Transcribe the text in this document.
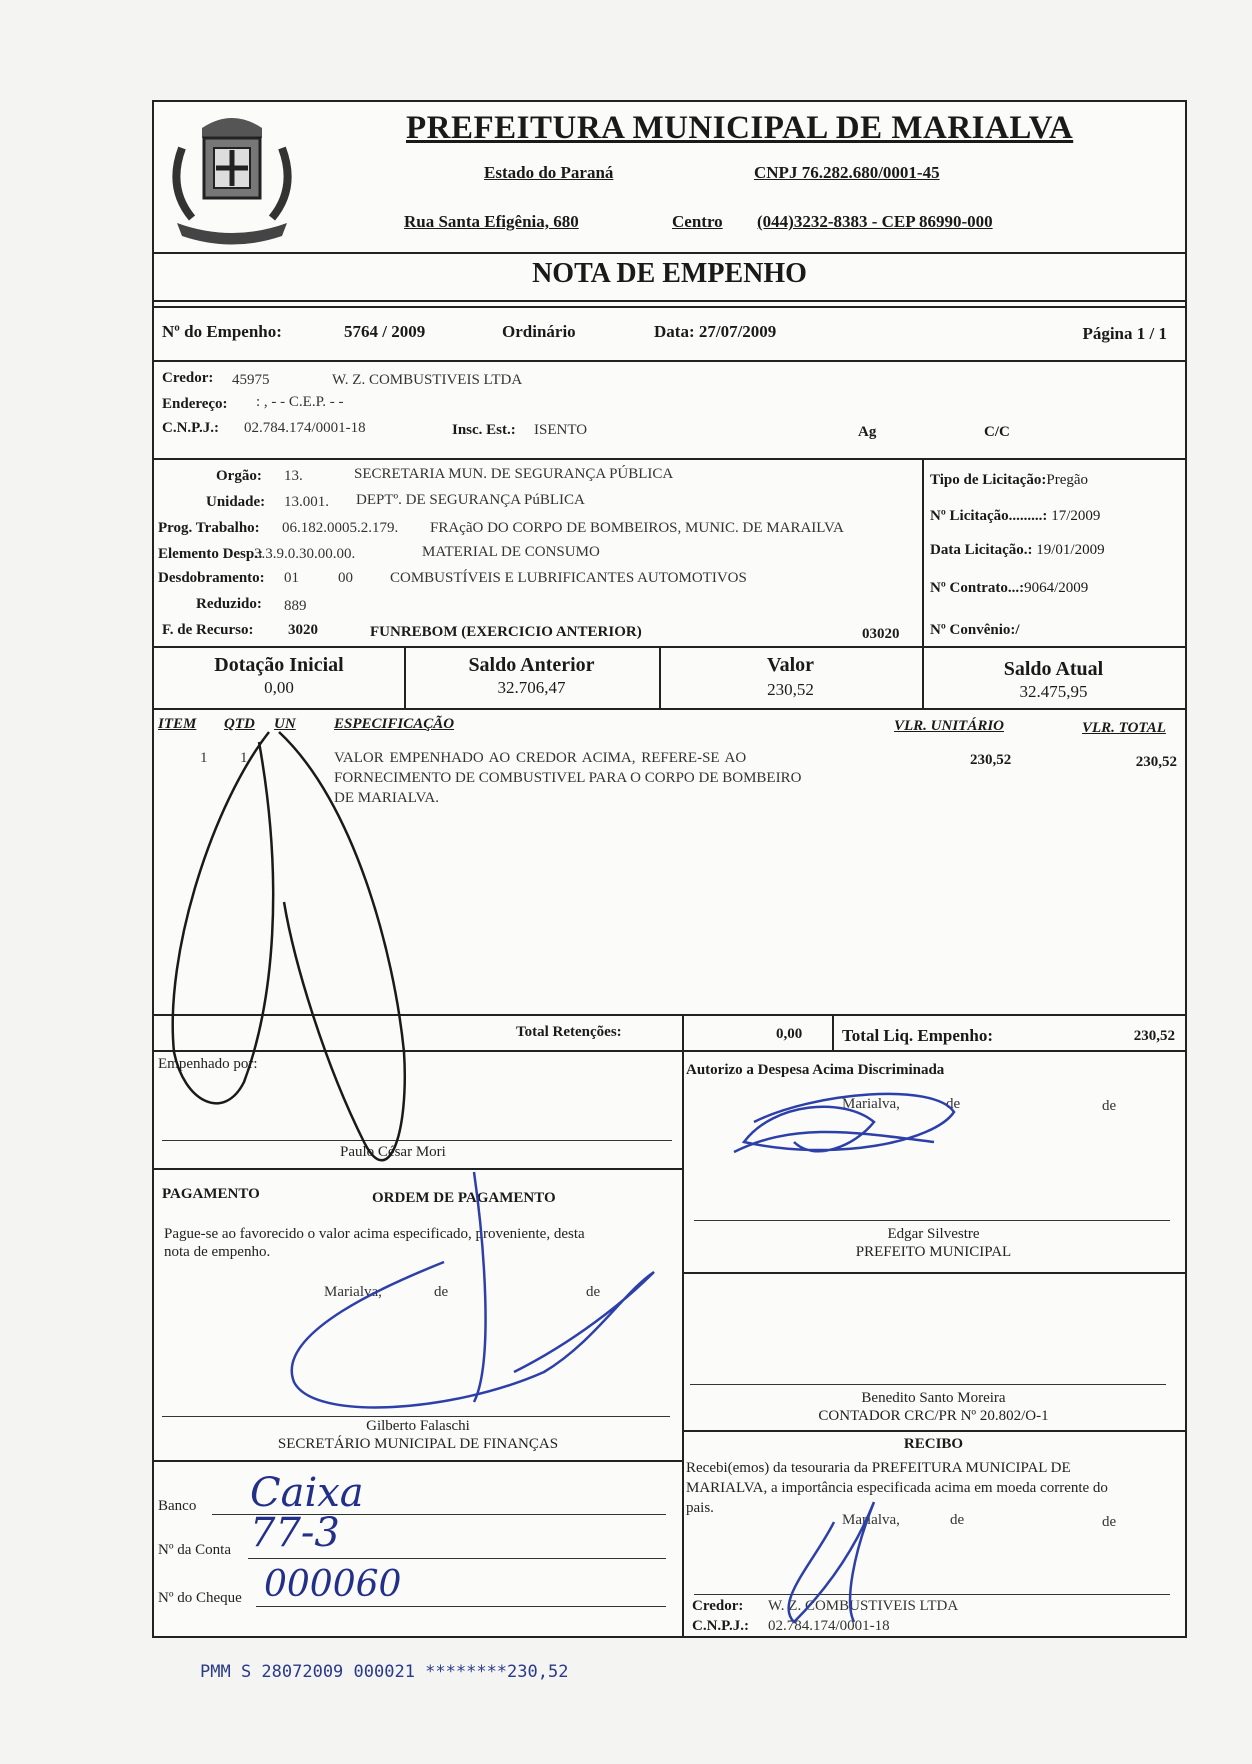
PREFEITURA MUNICIPAL DE MARIALVA
Estado do Paraná	CNPJ 76.282.680/0001-45
Rua Santa Efigênia, 680	Centro (044)3232-8383 - CEP 86990-000
NOTA DE EMPENHO
Nº do Empenho:	5764 / 2009	Ordinário	Data: 27/07/2009	Página 1 / 1
Credor: 45975	W. Z. COMBUSTIVEIS LTDA
Endereço: : , - - C.E.P. - -
C.N.P.J.: 02.784.174/0001-18	Insc. Est.: ISENTO	Ag	C/C
Orgão: 13.	SECRETARIA MUN. DE SEGURANÇA PÚBLICA
Unidade: 13.001. DEPTº. DE SEGURANÇA PúBLICA
Prog. Trabalho: 06.182.0005.2.179. FRAçãO DO CORPO DE BOMBEIROS, MUNIC. DE MARAILVA
Elemento Desp.:
3.3.9.0.30.00.00.	MATERIAL DE CONSUMO
Desdobramento: 01	00 COMBUSTÍVEIS E LUBRIFICANTES AUTOMOTIVOS
Reduzido: 889
F. de Recurso: 3020	FUNREBOM (EXERCICIO ANTERIOR)	03020
Tipo de Licitação:Pregão
Nº Licitação.........: 17/2009
Data Licitação.: 19/01/2009
Nº Contrato...:9064/2009
Nº Convênio:/
Dotação Inicial
0,00
Saldo Anterior
32.706,47
Valor
230,52
Saldo Atual
32.475,95
ITEM QTD UN	ESPECIFICAÇÃO	VLR. UNITÁRIO	VLR. TOTAL
1 1	VALOR EMPENHADO AO CREDOR ACIMA, REFERE-SE AO
FORNECIMENTO DE COMBUSTIVEL PARA O CORPO DE BOMBEIRO
DE MARIALVA.
230,52	230,52
Total Retenções:	0,00 Total Liq. Empenho:	230,52
Empenhado por:
Paulo César Mori
Autorizo a Despesa Acima Discriminada
Marialva,	de	de
Edgar Silvestre
PREFEITO MUNICIPAL
PAGAMENTO	ORDEM DE PAGAMENTO
Pague-se ao favorecido o valor acima especificado, proveniente, desta
nota de empenho.
Marialva,	de	de
Gilberto Falaschi
SECRETÁRIO MUNICIPAL DE FINANÇAS
Benedito Santo Moreira
CONTADOR CRC/PR Nº 20.802/O-1
RECIBO
Recebi(emos) da tesouraria da PREFEITURA MUNICIPAL DE
MARIALVA, a importância especificada acima em moeda corrente do
pais.
Marialva,	de	de
Credor: W. Z. COMBUSTIVEIS LTDA
C.N.P.J.: 02.784.174/0001-18
Banco Caixa
Nº da Conta 77-3
Nº do Cheque 000060
PMM S 28072009 000021 ********230,52
